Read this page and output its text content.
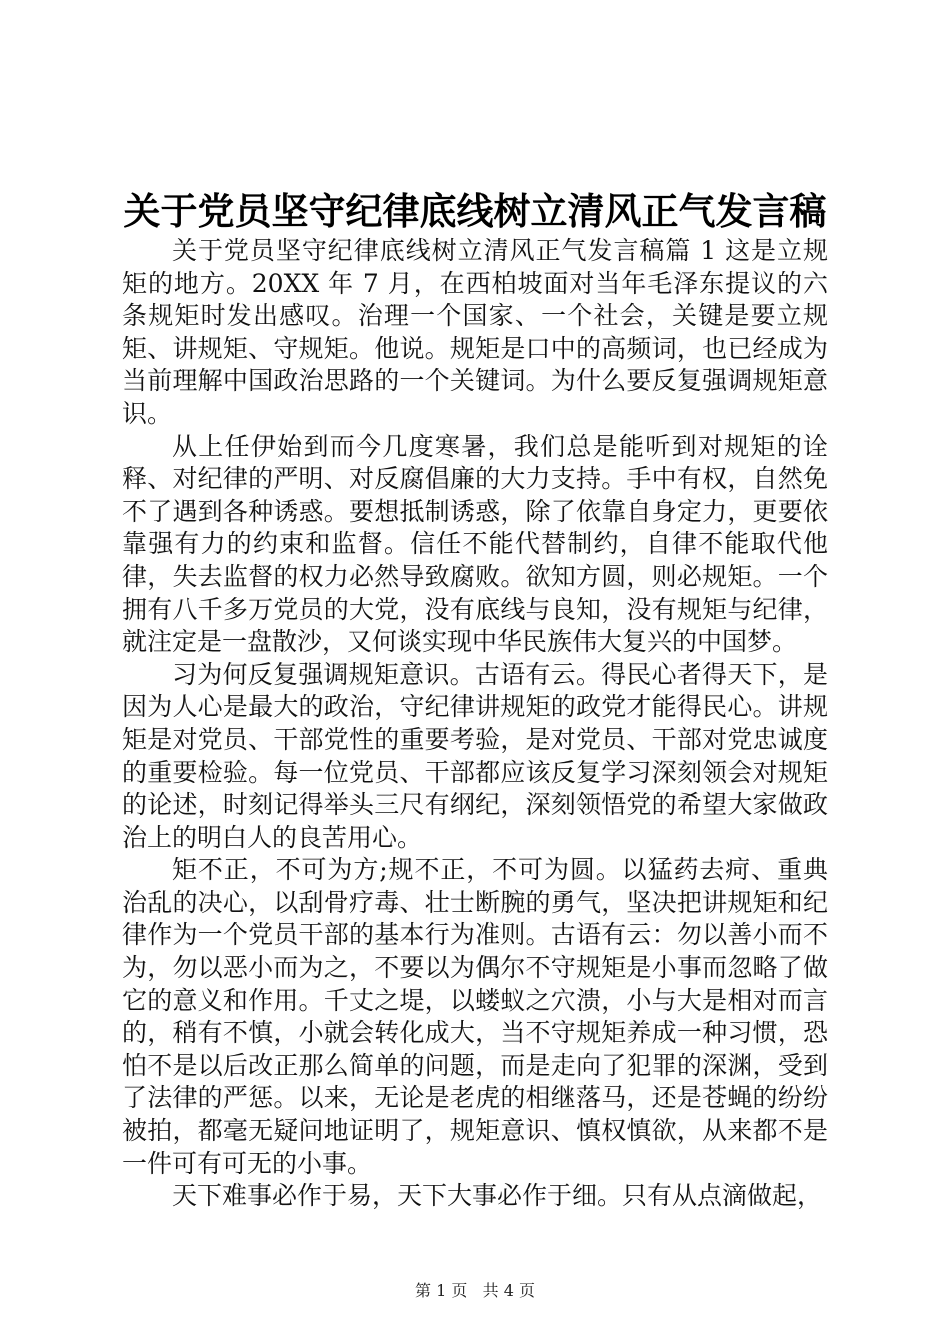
关于党员坚守纪律底线树立清风正气发言稿

关于党员坚守纪律底线树立清风正气发言稿篇 1 这是立规矩的地方。20XX 年 7 月，在西柏坡面对当年毛泽东提议的六条规矩时发出感叹。治理一个国家、一个社会，关键是要立规矩、讲规矩、守规矩。他说。规矩是口中的高频词，也已经成为当前理解中国政治思路的一个关键词。为什么要反复强调规矩意识。

从上任伊始到而今几度寒暑，我们总是能听到对规矩的诠释、对纪律的严明、对反腐倡廉的大力支持。手中有权，自然免不了遇到各种诱惑。要想抵制诱惑，除了依靠自身定力，更要依靠强有力的约束和监督。信任不能代替制约，自律不能取代他律，失去监督的权力必然导致腐败。欲知方圆，则必规矩。一个拥有八千多万党员的大党，没有底线与良知，没有规矩与纪律，就注定是一盘散沙，又何谈实现中华民族伟大复兴的中国梦。

习为何反复强调规矩意识。古语有云。得民心者得天下，是因为人心是最大的政治，守纪律讲规矩的政党才能得民心。讲规矩是对党员、干部党性的重要考验，是对党员、干部对党忠诚度的重要检验。每一位党员、干部都应该反复学习深刻领会对规矩的论述，时刻记得举头三尺有纲纪，深刻领悟党的希望大家做政治上的明白人的良苦用心。

矩不正，不可为方;规不正，不可为圆。以猛药去疴、重典治乱的决心，以刮骨疗毒、壮士断腕的勇气，坚决把讲规矩和纪律作为一个党员干部的基本行为准则。古语有云：勿以善小而不为，勿以恶小而为之，不要以为偶尔不守规矩是小事而忽略了做它的意义和作用。千丈之堤，以蝼蚁之穴溃，小与大是相对而言的，稍有不慎，小就会转化成大，当不守规矩养成一种习惯，恐怕不是以后改正那么简单的问题，而是走向了犯罪的深渊，受到了法律的严惩。以来，无论是老虎的相继落马，还是苍蝇的纷纷被拍，都毫无疑问地证明了，规矩意识、慎权慎欲，从来都不是一件可有可无的小事。

天下难事必作于易，天下大事必作于细。只有从点滴做起，

第 1 页 共 4 页
